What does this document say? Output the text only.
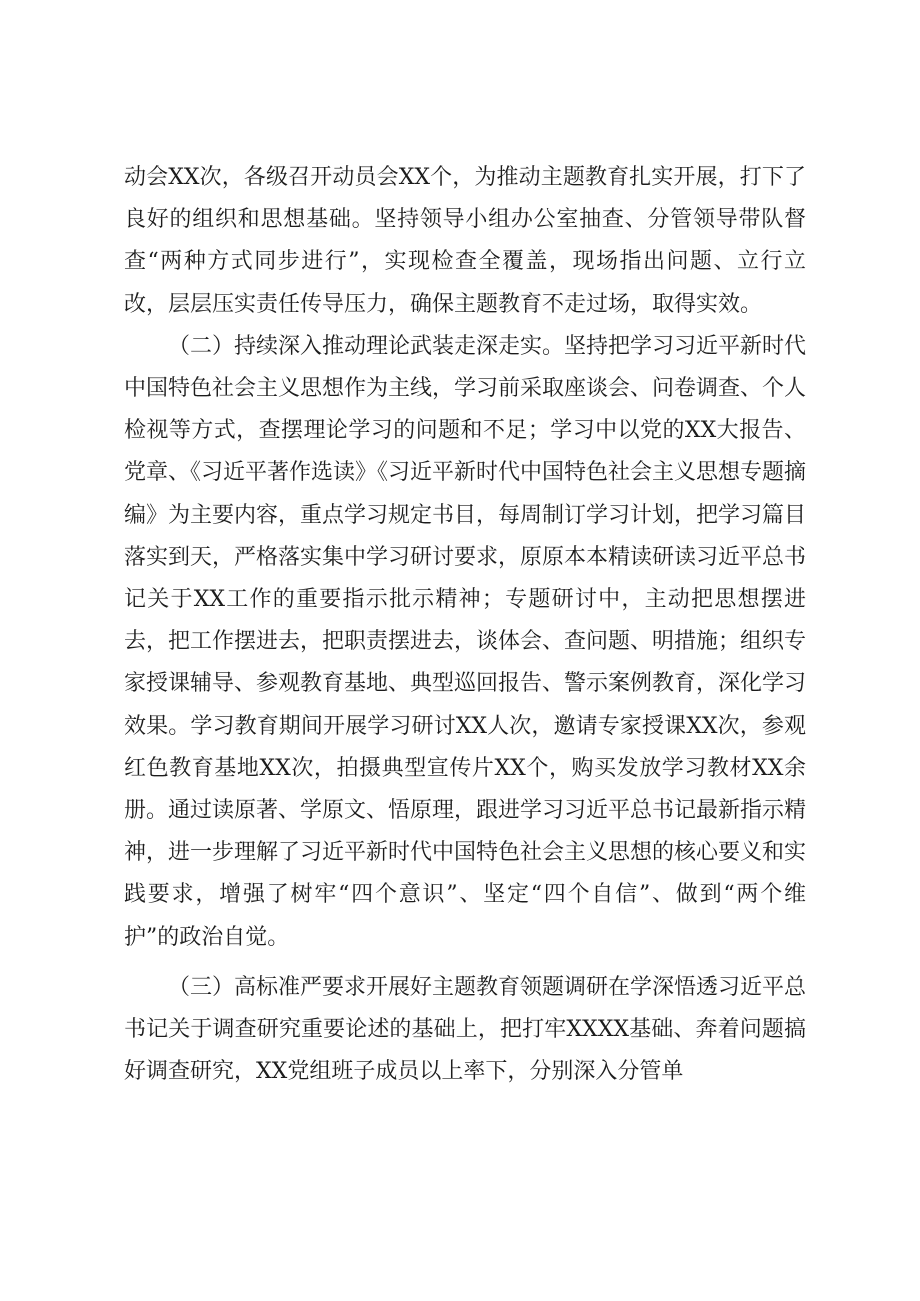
动会XX次，各级召开动员会XX个，为推动主题教育扎实开展，打下了良好的组织和思想基础。坚持领导小组办公室抽查、分管领导带队督查“两种方式同步进行”，实现检查全覆盖，现场指出问题、立行立改，层层压实责任传导压力，确保主题教育不走过场，取得实效。

（二）持续深入推动理论武装走深走实。坚持把学习习近平新时代中国特色社会主义思想作为主线，学习前采取座谈会、问卷调查、个人检视等方式，查摆理论学习的问题和不足；学习中以党的XX大报告、党章、《习近平著作选读》《习近平新时代中国特色社会主义思想专题摘编》为主要内容，重点学习规定书目，每周制订学习计划，把学习篇目落实到天，严格落实集中学习研讨要求，原原本本精读研读习近平总书记关于XX工作的重要指示批示精神；专题研讨中，主动把思想摆进去，把工作摆进去，把职责摆进去，谈体会、查问题、明措施；组织专家授课辅导、参观教育基地、典型巡回报告、警示案例教育，深化学习效果。学习教育期间开展学习研讨XX人次，邀请专家授课XX次，参观红色教育基地XX次，拍摄典型宣传片XX个，购买发放学习教材XX余册。通过读原著、学原文、悟原理，跟进学习习近平总书记最新指示精神，进一步理解了习近平新时代中国特色社会主义思想的核心要义和实践要求，增强了树牢“四个意识”、坚定“四个自信”、做到“两个维护”的政治自觉。

（三）高标准严要求开展好主题教育领题调研在学深悟透习近平总书记关于调查研究重要论述的基础上，把打牢XXXX基础、奔着问题搞好调查研究，XX党组班子成员以上率下，分别深入分管单
